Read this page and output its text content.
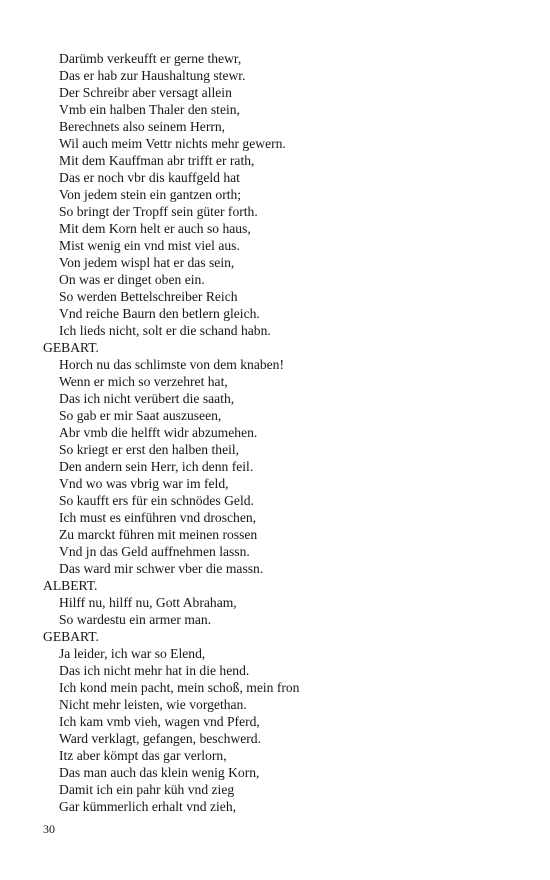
Darümb verkeufft er gerne thewr,
Das er hab zur Haushaltung stewr.
Der Schreibr aber versagt allein
Vmb ein halben Thaler den stein,
Berechnets also seinem Herrn,
Wil auch meim Vettr nichts mehr gewern.
Mit dem Kauffman abr trifft er rath,
Das er noch vbr dis kauffgeld hat
Von jedem stein ein gantzen orth;
So bringt der Tropff sein güter forth.
Mit dem Korn helt er auch so haus,
Mist wenig ein vnd mist viel aus.
Von jedem wispl hat er das sein,
On was er dinget oben ein.
So werden Bettelschreiber Reich
Vnd reiche Baurn den betlern gleich.
Ich lieds nicht, solt er die schand habn.
GEBART.
Horch nu das schlimste von dem knaben!
Wenn er mich so verzehret hat,
Das ich nicht verübert die saath,
So gab er mir Saat auszuseen,
Abr vmb die helfft widr abzumehen.
So kriegt er erst den halben theil,
Den andern sein Herr, ich denn feil.
Vnd wo was vbrig war im feld,
So kaufft ers für ein schnödes Geld.
Ich must es einführen vnd droschen,
Zu marckt führen mit meinen rossen
Vnd jn das Geld auffnehmen lassn.
Das ward mir schwer vber die massn.
ALBERT.
Hilff nu, hilff nu, Gott Abraham,
So wardestu ein armer man.
GEBART.
Ja leider, ich war so Elend,
Das ich nicht mehr hat in die hend.
Ich kond mein pacht, mein schoß, mein fron
Nicht mehr leisten, wie vorgethan.
Ich kam vmb vieh, wagen vnd Pferd,
Ward verklagt, gefangen, beschwerd.
Itz aber kömpt das gar verlorn,
Das man auch das klein wenig Korn,
Damit ich ein pahr küh vnd zieg
Gar kümmerlich erhalt vnd zieh,
30
